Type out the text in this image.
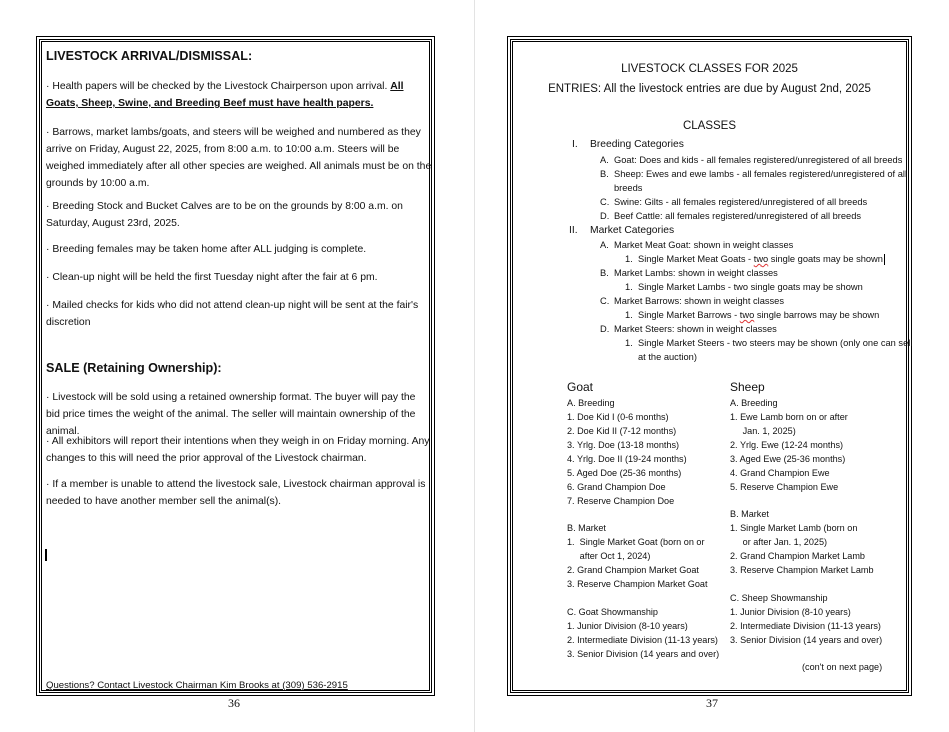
LIVESTOCK ARRIVAL/DISMISSAL:
· Health papers will be checked by the Livestock Chairperson upon arrival. All Goats, Sheep, Swine, and Breeding Beef must have health papers.
· Barrows, market lambs/goats, and steers will be weighed and numbered as they arrive on Friday, August 22, 2025, from 8:00 a.m. to 10:00 a.m. Steers will be weighed immediately after all other species are weighed. All animals must be on the grounds by 10:00 a.m.
· Breeding Stock and Bucket Calves are to be on the grounds by 8:00 a.m. on Saturday, August 23rd, 2025.
· Breeding females may be taken home after ALL judging is complete.
· Clean-up night will be held the first Tuesday night after the fair at 6 pm.
· Mailed checks for kids who did not attend clean-up night will be sent at the fair's discretion
SALE (Retaining Ownership):
· Livestock will be sold using a retained ownership format. The buyer will pay the bid price times the weight of the animal. The seller will maintain ownership of the animal.
· All exhibitors will report their intentions when they weigh in on Friday morning. Any changes to this will need the prior approval of the Livestock chairman.
· If a member is unable to attend the livestock sale, Livestock chairman approval is needed to have another member sell the animal(s).
Questions? Contact Livestock Chairman Kim Brooks at (309) 536-2915
36
LIVESTOCK CLASSES FOR 2025
ENTRIES: All the livestock entries are due by August 2nd, 2025
CLASSES
I. Breeding Categories
A. Goat: Does and kids - all females registered/unregistered of all breeds
B. Sheep: Ewes and ewe lambs - all females registered/unregistered of all
breeds
C. Swine: Gilts - all females registered/unregistered of all breeds
D. Beef Cattle: all females registered/unregistered of all breeds
II. Market Categories
A. Market Meat Goat: shown in weight classes
1. Single Market Meat Goats - two single goats may be shown
B. Market Lambs: shown in weight classes
1. Single Market Lambs - two single goats may be shown
C. Market Barrows: shown in weight classes
1. Single Market Barrows - two single barrows may be shown
D. Market Steers: shown in weight classes
1. Single Market Steers - two steers may be shown (only one can sell
at the auction)
Goat
A. Breeding
1. Doe Kid I (0-6 months)
2. Doe Kid II (7-12 months)
3. Yrlg. Doe (13-18 months)
4. Yrlg. Doe II (19-24 months)
5. Aged Doe (25-36 months)
6. Grand Champion Doe
7. Reserve Champion Doe
B. Market
1.  Single Market Goat (born on or
after Oct 1, 2024)
2. Grand Champion Market Goat
3. Reserve Champion Market Goat
C. Goat Showmanship
1. Junior Division (8-10 years)
2. Intermediate Division (11-13 years)
3. Senior Division (14 years and over)
Sheep
A. Breeding
1. Ewe Lamb born on or after
Jan. 1, 2025)
2. Yrlg. Ewe (12-24 months)
3. Aged Ewe (25-36 months)
4. Grand Champion Ewe
5. Reserve Champion Ewe
B. Market
1. Single Market Lamb (born on
or after Jan. 1, 2025)
2. Grand Champion Market Lamb
3. Reserve Champion Market Lamb
C. Sheep Showmanship
1. Junior Division (8-10 years)
2. Intermediate Division (11-13 years)
3. Senior Division (14 years and over)
(con't on next page)
37
